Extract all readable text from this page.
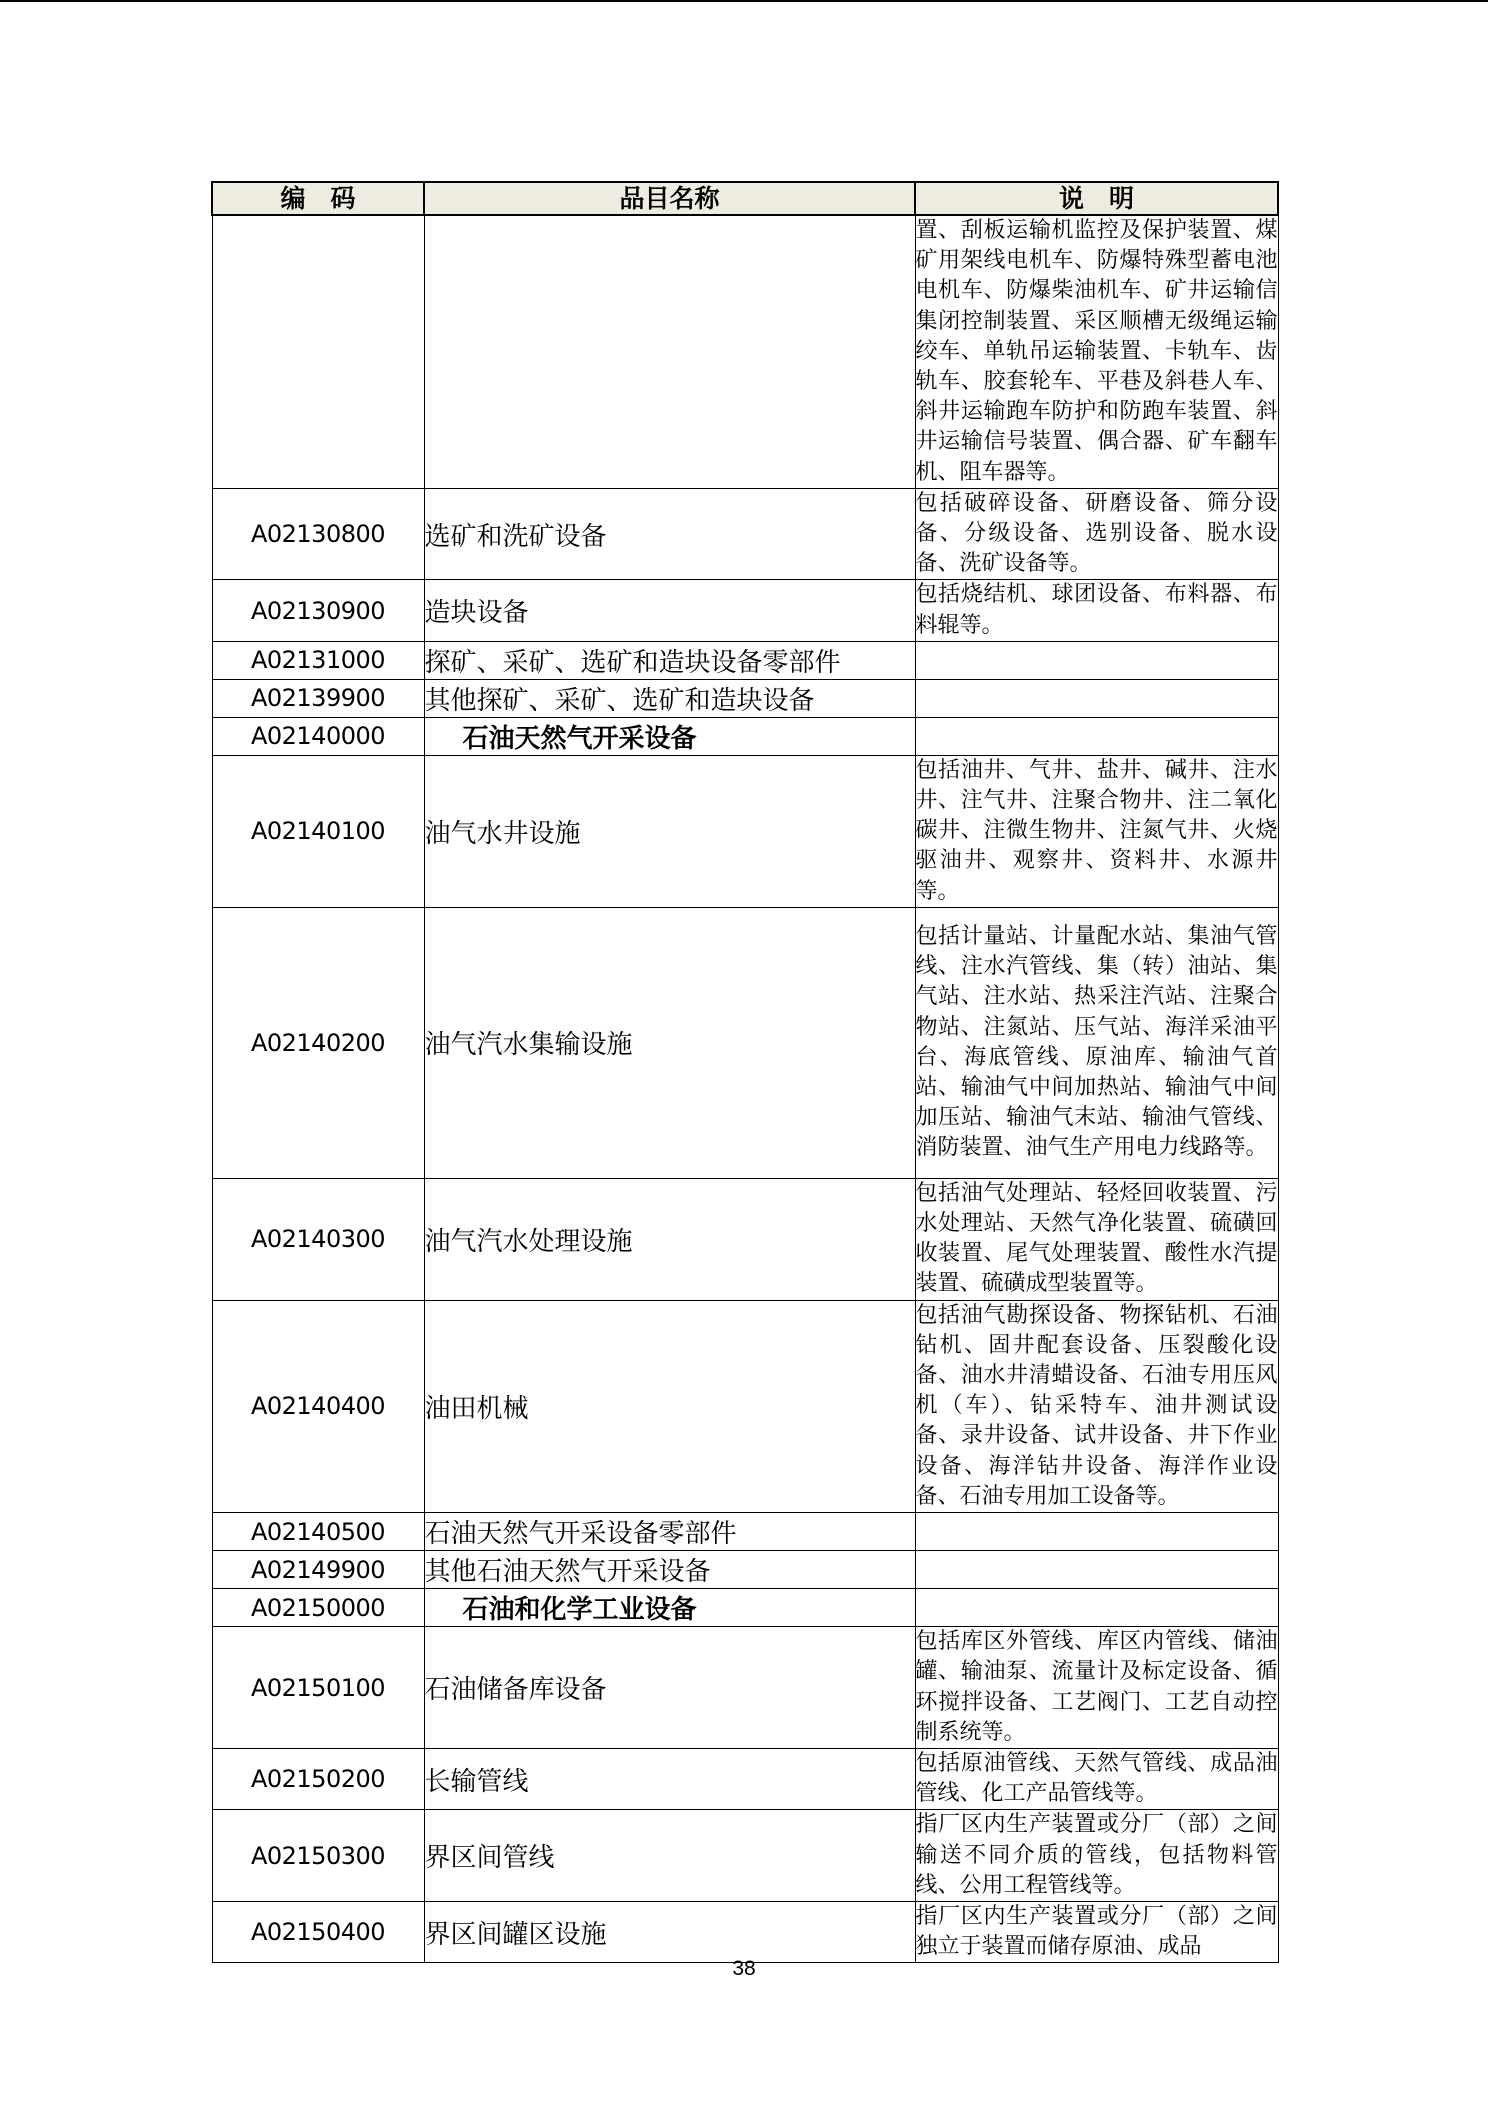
编　码	品目名称	说　明
		置、刮板运输机监控及保护装置、煤矿用架线电机车、防爆特殊型蓄电池电机车、防爆柴油机车、矿井运输信集闭控制装置、采区顺槽无级绳运输绞车、单轨吊运输装置、卡轨车、齿轨车、胶套轮车、平巷及斜巷人车、斜井运输跑车防护和防跑车装置、斜井运输信号装置、偶合器、矿车翻车机、阻车器等。
A02130800	选矿和洗矿设备	包括破碎设备、研磨设备、筛分设备、分级设备、选别设备、脱水设备、洗矿设备等。
A02130900	造块设备	包括烧结机、球团设备、布料器、布料辊等。
A02131000	探矿、采矿、选矿和造块设备零部件	
A02139900	其他探矿、采矿、选矿和造块设备	
A02140000	石油天然气开采设备	
A02140100	油气水井设施	包括油井、气井、盐井、碱井、注水井、注气井、注聚合物井、注二氧化碳井、注微生物井、注氮气井、火烧驱油井、观察井、资料井、水源井等。
A02140200	油气汽水集输设施	包括计量站、计量配水站、集油气管线、注水汽管线、集（转）油站、集气站、注水站、热采注汽站、注聚合物站、注氮站、压气站、海洋采油平台、海底管线、原油库、输油气首站、输油气中间加热站、输油气中间加压站、输油气末站、输油气管线、消防装置、油气生产用电力线路等。
A02140300	油气汽水处理设施	包括油气处理站、轻烃回收装置、污水处理站、天然气净化装置、硫磺回收装置、尾气处理装置、酸性水汽提装置、硫磺成型装置等。
A02140400	油田机械	包括油气勘探设备、物探钻机、石油钻机、固井配套设备、压裂酸化设备、油水井清蜡设备、石油专用压风机（车）、钻采特车、油井测试设备、录井设备、试井设备、井下作业设备、海洋钻井设备、海洋作业设备、石油专用加工设备等。
A02140500	石油天然气开采设备零部件	
A02149900	其他石油天然气开采设备	
A02150000	石油和化学工业设备	
A02150100	石油储备库设备	包括库区外管线、库区内管线、储油罐、输油泵、流量计及标定设备、循环搅拌设备、工艺阀门、工艺自动控制系统等。
A02150200	长输管线	包括原油管线、天然气管线、成品油管线、化工产品管线等。
A02150300	界区间管线	指厂区内生产装置或分厂（部）之间输送不同介质的管线，包括物料管线、公用工程管线等。
A02150400	界区间罐区设施	指厂区内生产装置或分厂（部）之间独立于装置而储存原油、成品
38
